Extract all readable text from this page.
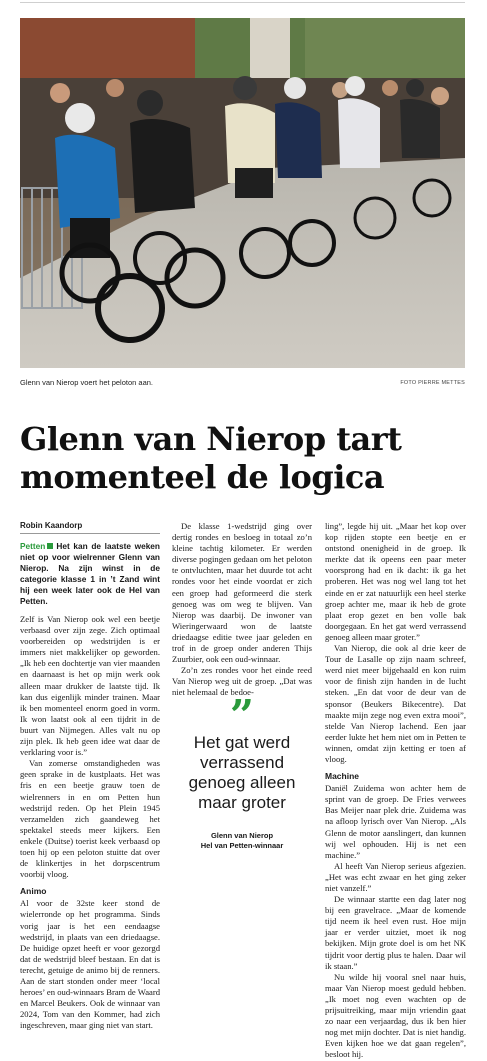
Glenn van Nierop voert het peloton aan.	FOTO PIERRE METTES
Glenn van Nierop tart momenteel de logica
Robin Kaandorp

Petten Het kan de laatste weken niet op voor wielrenner Glenn van Nierop. Na zijn winst in de categorie klasse 1 in ’t Zand wint hij een week later ook de Hel van Petten.

Zelf is Van Nierop ook wel een beetje verbaasd over zijn zege. Zich optimaal voorbereiden op wedstrijden is er immers niet makkelijker op geworden. „Ik heb een dochtertje van vier maanden en daarnaast is het op mijn werk ook alleen maar drukker de laatste tijd. Ik kan dus eigenlijk minder trainen. Maar ik ben momenteel enorm goed in vorm. Ik won laatst ook al een tijdrit in de buurt van Nijmegen. Alles valt nu op zijn plek. Ik heb geen idee wat daar de verklaring voor is.”

Van zomerse omstandigheden was geen sprake in de kustplaats. Het was fris en een beetje grauw toen de wielrenners in en om Petten hun wedstrijd reden. Op het Plein 1945 verzamelden zich gaandeweg het spektakel steeds meer kijkers. Een enkele (Duitse) toerist keek verbaasd op toen hij op een peloton stuitte dat over de klinkertjes in het dorpscentrum voorbij vloog.

Animo

Al voor de 32ste keer stond de wielerronde op het programma. Sinds vorig jaar is het een eendaagse wedstrijd, in plaats van een driedaagse. De huidige opzet heeft er voor gezorgd dat de wedstrijd bleef bestaan. En dat is terecht, getuige de animo bij de renners. Aan de start stonden onder meer ‘local heroes’ en oud-winnaars Bram de Waard en Marcel Beukers. Ook de winnaar van 2024, Tom van den Kommer, had zich ingeschreven, maar ging niet van start.

De klasse 1-wedstrijd ging over dertig rondes en besloeg in totaal zo’n kleine tachtig kilometer. Er werden diverse pogingen gedaan om het peloton te ontvluchten, maar het duurde tot acht rondes voor het einde voordat er zich een groep had geformeerd die sterk genoeg was om weg te blijven. Van Nierop was daarbij. De inwoner van Wieringerwaard won de laatste driedaagse editie twee jaar geleden en trof in de groep onder anderen Thijs Zuurbier, ook een oud-winnaar.

Zo’n zes rondes voor het einde reed Van Nierop weg uit de groep. „Dat was niet helemaal de bedoe-

”
Het gat werd verrassend genoeg alleen maar groter
Glenn van Nierop
Hel van Petten-winnaar

ling”, legde hij uit. „Maar het kop over kop rijden stopte een beetje en er ontstond onenigheid in de groep. Ik merkte dat ik opeens een paar meter voorsprong had en ik dacht: ik ga het proberen. Het was nog wel lang tot het einde en er zat natuurlijk een heel sterke groep achter me, maar ik heb de grote plaat erop gezet en ben volle bak doorgegaan. En het gat werd verrassend genoeg alleen maar groter.”

Van Nierop, die ook al drie keer de Tour de Lasalle op zijn naam schreef, werd niet meer bijgehaald en kon ruim voor de finish zijn handen in de lucht steken. „En dat voor de deur van de sponsor (Beukers Bikecentre). Dat maakte mijn zege nog even extra mooi”, stelde Van Nierop lachend. Een jaar eerder lukte het hem niet om in Petten te winnen, omdat zijn ketting er toen af vloog.

Machine

Daniël Zuidema won achter hem de sprint van de groep. De Fries verwees Bas Meijer naar plek drie. Zuidema was na afloop lyrisch over Van Nierop. „Als Glenn de motor aanslingert, dan kunnen wij wel ophouden. Hij is net een machine.”

Al heeft Van Nierop serieus afgezien. „Het was echt zwaar en het ging zeker niet vanzelf.”

De winnaar startte een dag later nog bij een gravelrace. „Maar de komende tijd neem ik heel even rust. Hoe mijn jaar er verder uitziet, moet ik nog bekijken. Mijn grote doel is om het NK tijdrit voor dertig plus te halen. Daar wil ik staan.”

Nu wilde hij vooral snel naar huis, maar Van Nierop moest geduld hebben. „Ik moet nog even wachten op de prijsuitreiking, maar mijn vriendin gaat zo naar een verjaardag, dus ik ben hier nog met mijn dochter. Dat is niet handig. Even kijken hoe we dat gaan regelen”, besloot hij.
